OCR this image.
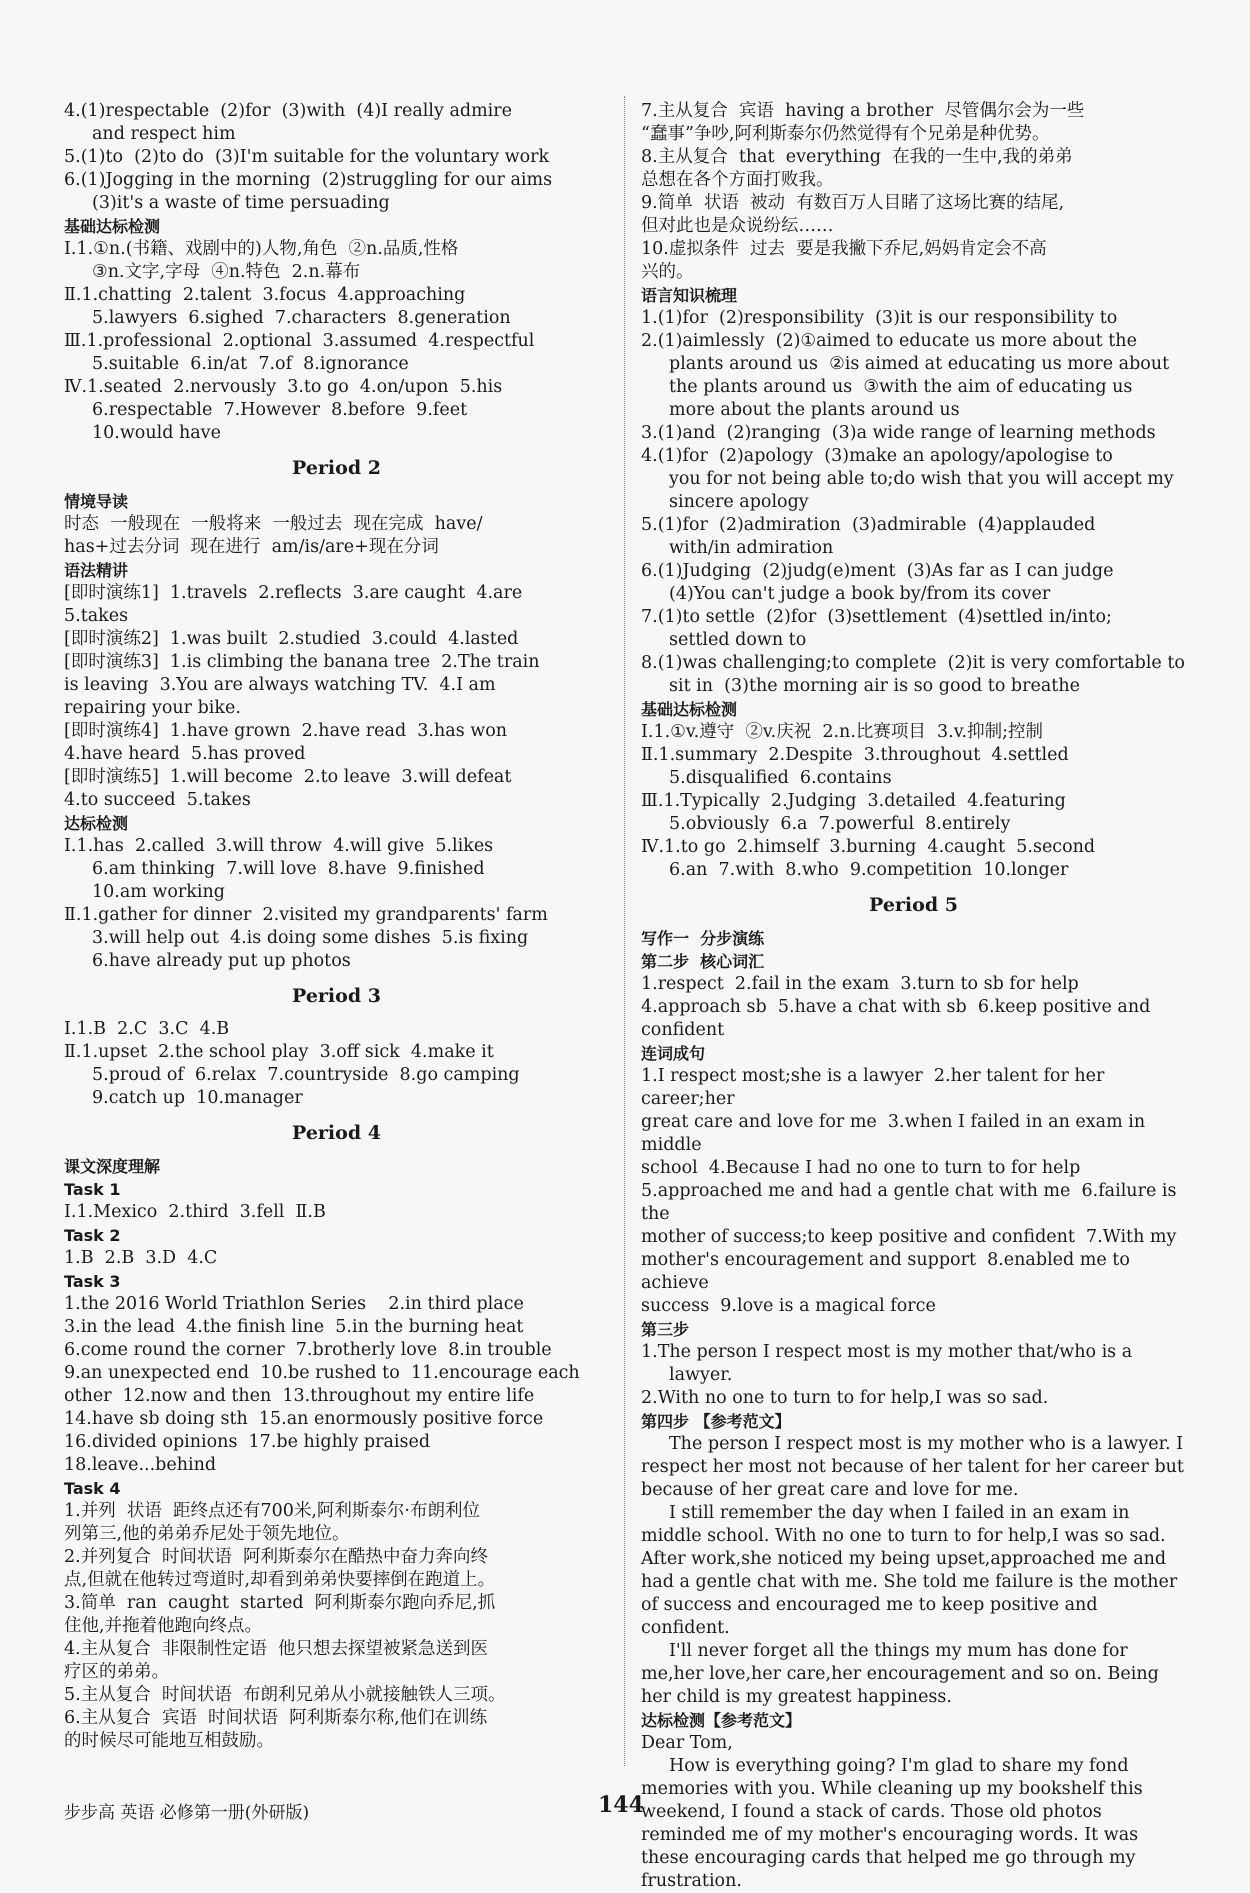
4.(1)respectable  (2)for  (3)with  (4)I really admire

and respect him

5.(1)to  (2)to do  (3)I'm suitable for the voluntary work

6.(1)Jogging in the morning  (2)struggling for our aims

(3)it's a waste of time persuading

基础达标检测

Ⅰ.1.①n.(书籍、戏剧中的)人物,角色  ②n.品质,性格

③n.文字,字母  ④n.特色  2.n.幕布

Ⅱ.1.chatting  2.talent  3.focus  4.approaching

5.lawyers  6.sighed  7.characters  8.generation

Ⅲ.1.professional  2.optional  3.assumed  4.respectful

5.suitable  6.in/at  7.of  8.ignorance

Ⅳ.1.seated  2.nervously  3.to go  4.on/upon  5.his

6.respectable  7.However  8.before  9.feet

10.would have

Period 2

情境导读

时态  一般现在  一般将来  一般过去  现在完成  have/

has+过去分词  现在进行  am/is/are+现在分词

语法精讲

[即时演练1]  1.travels  2.reflects  3.are caught  4.are

5.takes

[即时演练2]  1.was built  2.studied  3.could  4.lasted

[即时演练3]  1.is climbing the banana tree  2.The train

is leaving  3.You are always watching TV.  4.I am

repairing your bike.

[即时演练4]  1.have grown  2.have read  3.has won

4.have heard  5.has proved

[即时演练5]  1.will become  2.to leave  3.will defeat

4.to succeed  5.takes

达标检测

Ⅰ.1.has  2.called  3.will throw  4.will give  5.likes

6.am thinking  7.will love  8.have  9.finished

10.am working

Ⅱ.1.gather for dinner  2.visited my grandparents' farm

3.will help out  4.is doing some dishes  5.is fixing

6.have already put up photos

Period 3

Ⅰ.1.B  2.C  3.C  4.B

Ⅱ.1.upset  2.the school play  3.off sick  4.make it

5.proud of  6.relax  7.countryside  8.go camping

9.catch up  10.manager

Period 4

课文深度理解

Task 1

Ⅰ.1.Mexico  2.third  3.fell  Ⅱ.B

Task 2

1.B  2.B  3.D  4.C

Task 3

1.the 2016 World Triathlon Series    2.in third place

3.in the lead  4.the finish line  5.in the burning heat

6.come round the corner  7.brotherly love  8.in trouble

9.an unexpected end  10.be rushed to  11.encourage each

other  12.now and then  13.throughout my entire life

14.have sb doing sth  15.an enormously positive force

16.divided opinions  17.be highly praised

18.leave...behind

Task 4

1.并列  状语  距终点还有700米,阿利斯泰尔·布朗利位

列第三,他的弟弟乔尼处于领先地位。

2.并列复合  时间状语  阿利斯泰尔在酷热中奋力奔向终

点,但就在他转过弯道时,却看到弟弟快要摔倒在跑道上。

3.简单  ran  caught  started  阿利斯泰尔跑向乔尼,抓

住他,并拖着他跑向终点。

4.主从复合  非限制性定语  他只想去探望被紧急送到医

疗区的弟弟。

5.主从复合  时间状语  布朗利兄弟从小就接触铁人三项。

6.主从复合  宾语  时间状语  阿利斯泰尔称,他们在训练

的时候尽可能地互相鼓励。

7.主从复合  宾语  having a brother  尽管偶尔会为一些

“蠢事”争吵,阿利斯泰尔仍然觉得有个兄弟是种优势。

8.主从复合  that  everything  在我的一生中,我的弟弟

总想在各个方面打败我。

9.简单  状语  被动  有数百万人目睹了这场比赛的结尾,

但对此也是众说纷纭……

10.虚拟条件  过去  要是我撇下乔尼,妈妈肯定会不高

兴的。

语言知识梳理

1.(1)for  (2)responsibility  (3)it is our responsibility to

2.(1)aimlessly  (2)①aimed to educate us more about the

plants around us  ②is aimed at educating us more about

the plants around us  ③with the aim of educating us

more about the plants around us

3.(1)and  (2)ranging  (3)a wide range of learning methods

4.(1)for  (2)apology  (3)make an apology/apologise to

you for not being able to;do wish that you will accept my

sincere apology

5.(1)for  (2)admiration  (3)admirable  (4)applauded

with/in admiration

6.(1)Judging  (2)judg(e)ment  (3)As far as I can judge

(4)You can't judge a book by/from its cover

7.(1)to settle  (2)for  (3)settlement  (4)settled in/into;

settled down to

8.(1)was challenging;to complete  (2)it is very comfortable to

sit in  (3)the morning air is so good to breathe

基础达标检测

Ⅰ.1.①v.遵守  ②v.庆祝  2.n.比赛项目  3.v.抑制;控制

Ⅱ.1.summary  2.Despite  3.throughout  4.settled

5.disqualified  6.contains

Ⅲ.1.Typically  2.Judging  3.detailed  4.featuring

5.obviously  6.a  7.powerful  8.entirely

Ⅳ.1.to go  2.himself  3.burning  4.caught  5.second

6.an  7.with  8.who  9.competition  10.longer

Period 5

写作一  分步演练

第二步  核心词汇

1.respect  2.fail in the exam  3.turn to sb for help

4.approach sb  5.have a chat with sb  6.keep positive and

confident

连词成句

1.I respect most;she is a lawyer  2.her talent for her career;her

great care and love for me  3.when I failed in an exam in middle

school  4.Because I had no one to turn to for help

5.approached me and had a gentle chat with me  6.failure is the

mother of success;to keep positive and confident  7.With my

mother's encouragement and support  8.enabled me to achieve

success  9.love is a magical force

第三步

1.The person I respect most is my mother that/who is a

lawyer.

2.With no one to turn to for help,I was so sad.

第四步 【参考范文】

The person I respect most is my mother who is a lawyer. I respect her most not because of her talent for her career but because of her great care and love for me.

I still remember the day when I failed in an exam in middle school. With no one to turn to for help,I was so sad. After work,she noticed my being upset,approached me and had a gentle chat with me. She told me failure is the mother of success and encouraged me to keep positive and confident.

I'll never forget all the things my mum has done for me,her love,her care,her encouragement and so on. Being her child is my greatest happiness.

达标检测【参考范文】

Dear Tom,

How is everything going? I'm glad to share my fond memories with you. While cleaning up my bookshelf this weekend, I found a stack of cards. Those old photos reminded me of my mother's encouraging words. It was these encouraging cards that helped me go through my frustration.

步步高 英语 必修第一册(外研版)	144
